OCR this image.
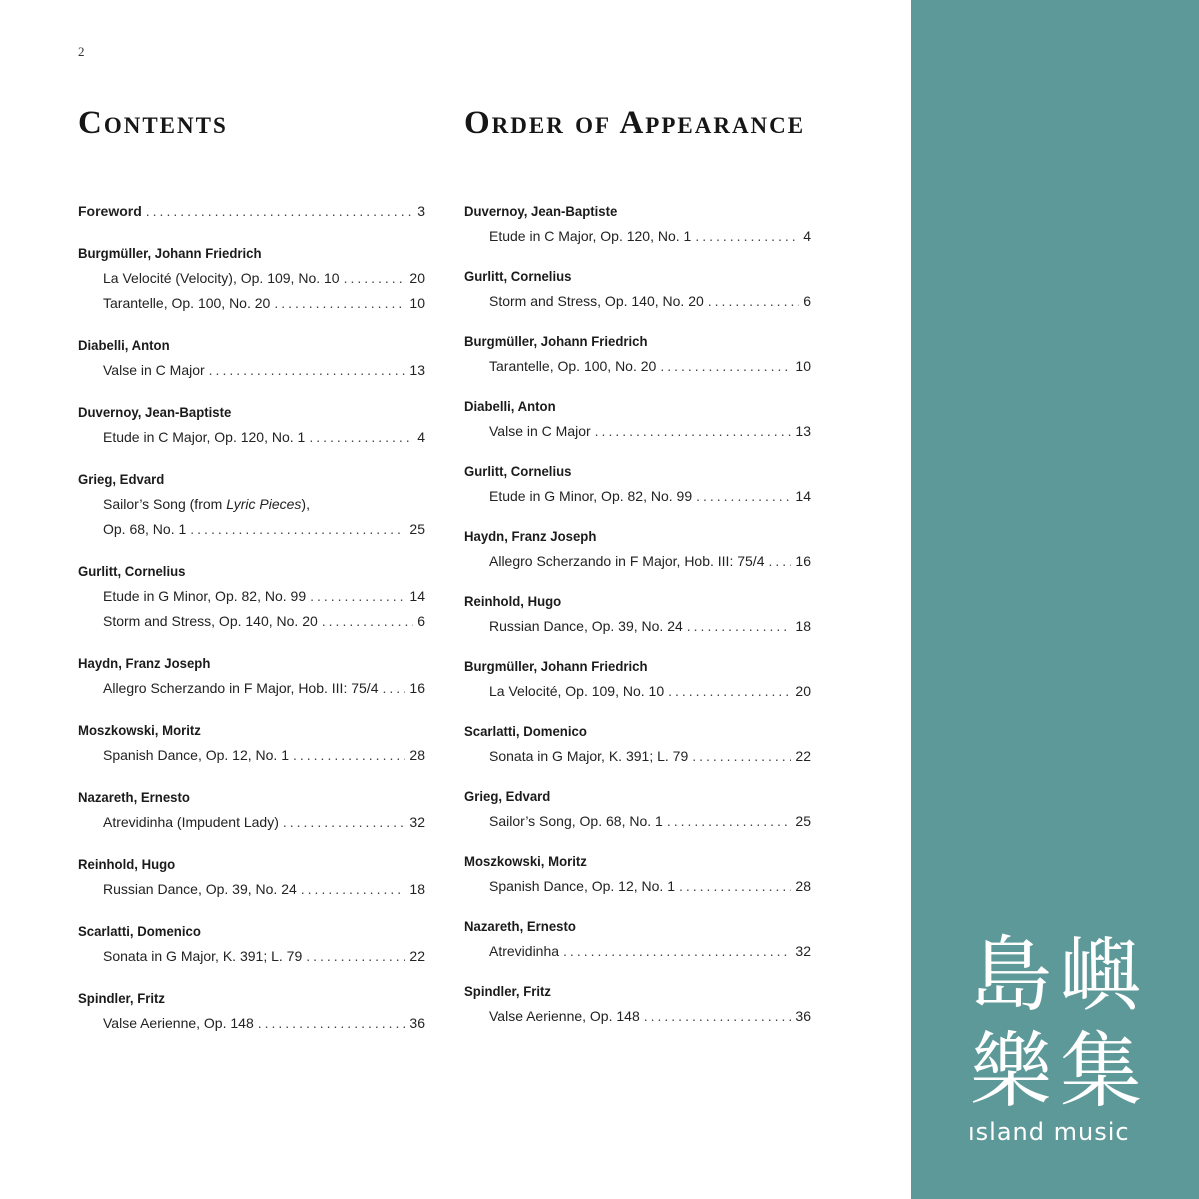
2
Contents	Order of Appearance
Foreword .....	3
Burgmüller, Johann Friedrich
La Velocité (Velocity), Op. 109, No. 10 .....	20
Tarantelle, Op. 100, No. 20 .....	10
Diabelli, Anton
Valse in C Major .....	13
Duvernoy, Jean-Baptiste
Etude in C Major, Op. 120, No. 1 .....	4
Grieg, Edvard
Sailor’s Song (from Lyric Pieces),
Op. 68, No. 1 .....	25
Gurlitt, Cornelius
Etude in G Minor, Op. 82, No. 99 .....	14
Storm and Stress, Op. 140, No. 20 .....	6
Haydn, Franz Joseph
Allegro Scherzando in F Major, Hob. III: 75/4 ..... 16
Moszkowski, Moritz
Spanish Dance, Op. 12, No. 1 .....	28
Nazareth, Ernesto
Atrevidinha (Impudent Lady) .....	32
Reinhold, Hugo
Russian Dance, Op. 39, No. 24 .....	18
Scarlatti, Domenico
Sonata in G Major, K. 391; L. 79 .....	22
Spindler, Fritz
Valse Aerienne, Op. 148 .....	36
Duvernoy, Jean-Baptiste
Etude in C Major, Op. 120, No. 1 .....	4
Gurlitt, Cornelius
Storm and Stress, Op. 140, No. 20 .....	6
Burgmüller, Johann Friedrich
Tarantelle, Op. 100, No. 20 .....	10
Diabelli, Anton
Valse in C Major .....	13
Gurlitt, Cornelius
Etude in G Minor, Op. 82, No. 99 .....	14
Haydn, Franz Joseph
Allegro Scherzando in F Major, Hob. III: 75/4 ..... 16
Reinhold, Hugo
Russian Dance, Op. 39, No. 24 .....	18
Burgmüller, Johann Friedrich
La Velocité, Op. 109, No. 10 .....	20
Scarlatti, Domenico
Sonata in G Major, K. 391; L. 79 .....	22
Grieg, Edvard
Sailor’s Song, Op. 68, No. 1 .....	25
Moszkowski, Moritz
Spanish Dance, Op. 12, No. 1 .....	28
Nazareth, Ernesto
Atrevidinha .....	32
Spindler, Fritz
Valse Aerienne, Op. 148 .....	36 島 嶼
樂 集
ısland music
